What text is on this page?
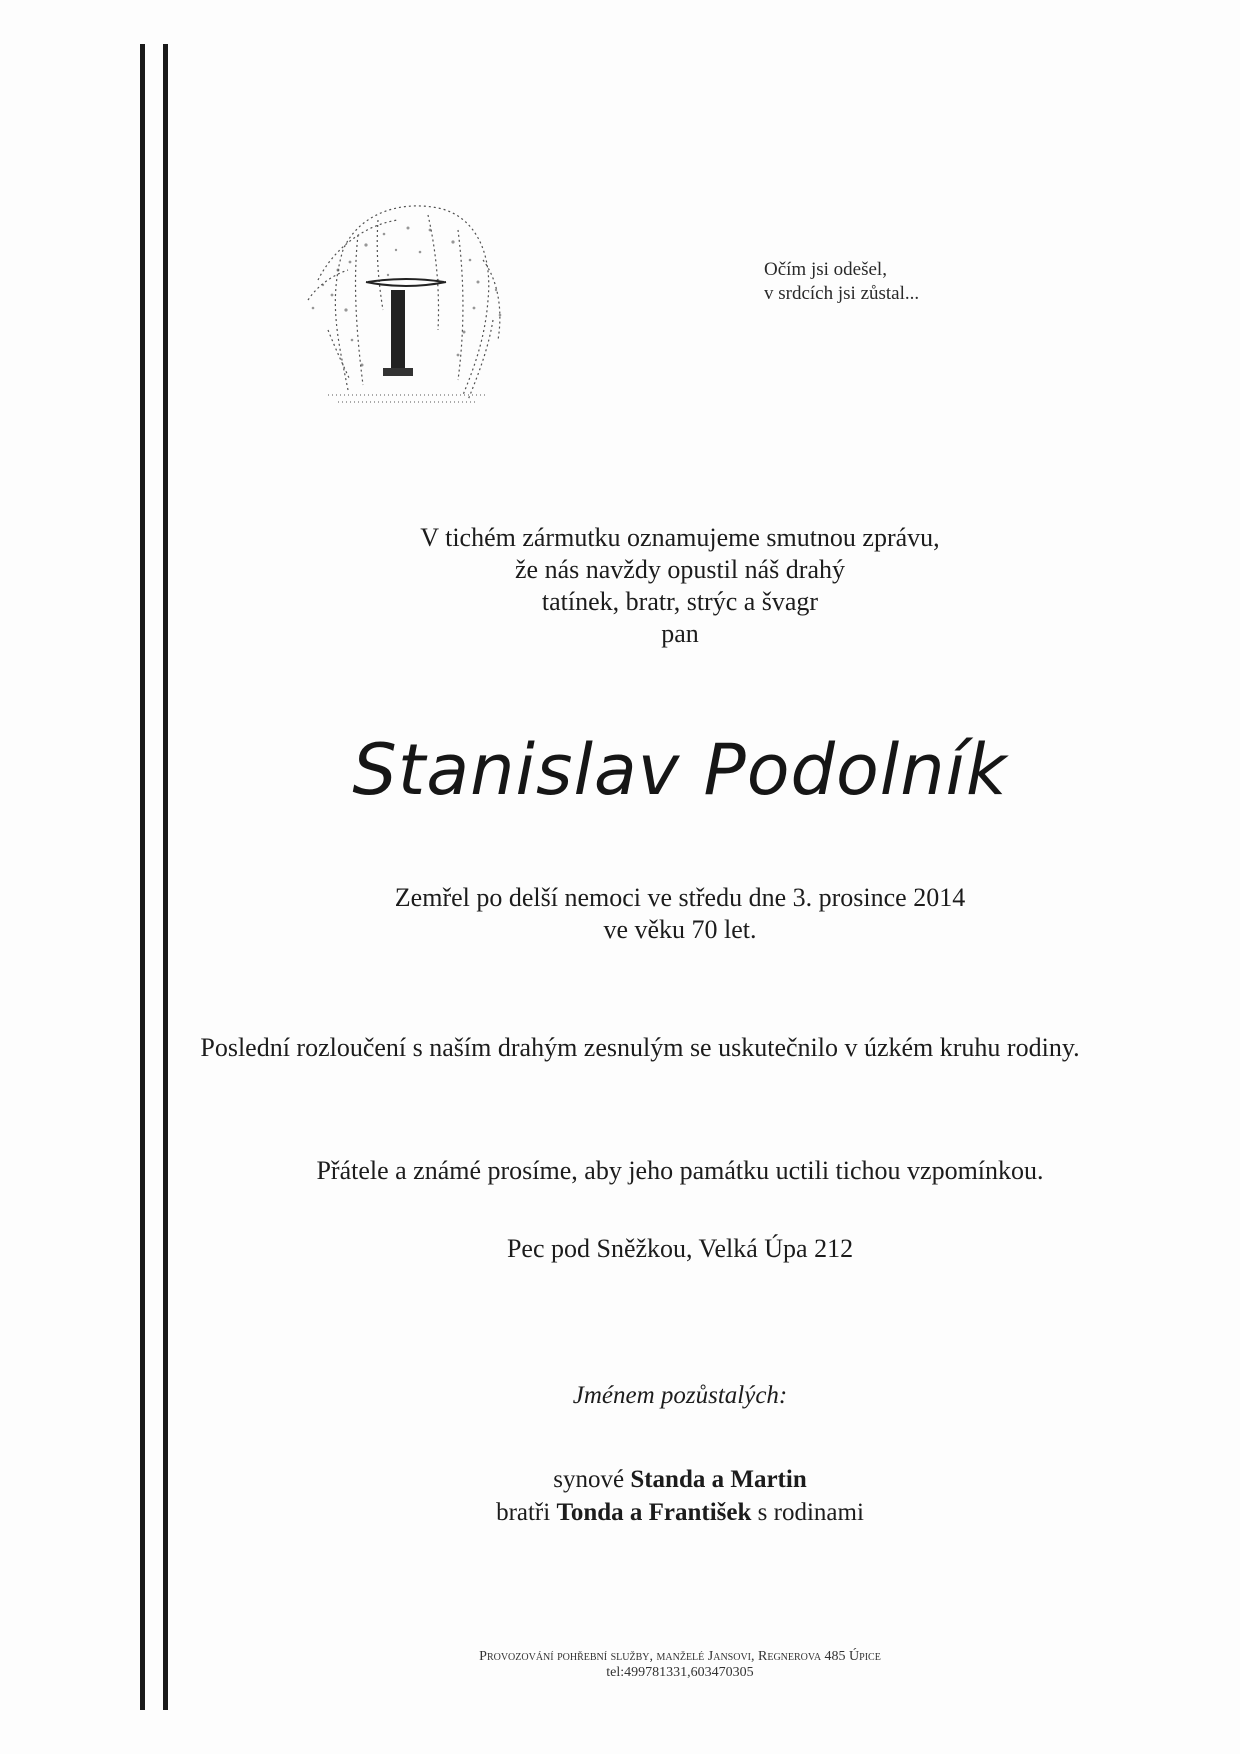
Očím jsi odešel,
v srdcích jsi zůstal...
V tichém zármutku oznamujeme smutnou zprávu,
že nás navždy opustil náš drahý
tatínek, bratr, strýc a švagr
pan
Stanislav Podolník
Zemřel po delší nemoci ve středu dne 3. prosince 2014
ve věku 70 let.
Poslední rozloučení s naším drahým zesnulým se uskutečnilo v úzkém kruhu rodiny.
Přátele a známé prosíme, aby jeho památku uctili tichou vzpomínkou.
Pec pod Sněžkou, Velká Úpa 212
Jménem pozůstalých:
synové Standa a Martin
bratři Tonda a František s rodinami
Provozování pohřební služby, manželé Jansovi, Regnerova 485 Úpice
tel:499781331,603470305
